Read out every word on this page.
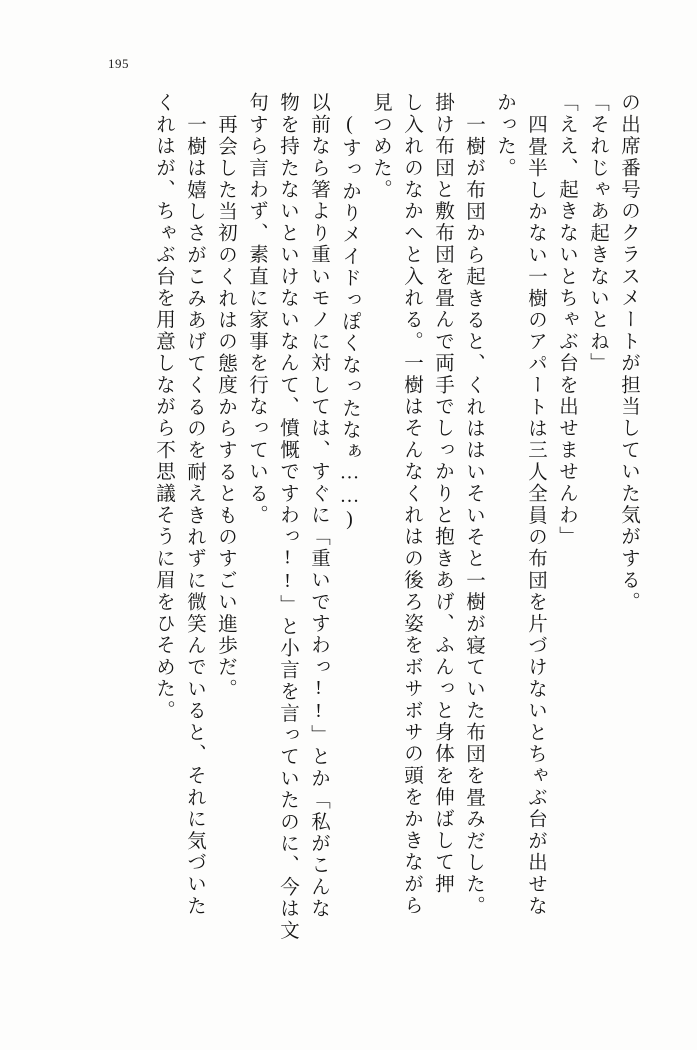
195
の出席番号のクラスメートが担当していた気がする。
「それじゃあ起きないとね」
「ええ、起きないとちゃぶ台を出せませんわ」
四畳半しかない一樹のアパートは三人全員の布団を片づけないとちゃぶ台が出せな
かった。
一樹が布団から起きると、くれははいそいそと一樹が寝ていた布団を畳みだした。
掛け布団と敷布団を畳んで両手でしっかりと抱きあげ、ふんっと身体を伸ばして押
し入れのなかへと入れる。一樹はそんなくれはの後ろ姿をボサボサの頭をかきながら
見つめた。
(すっかりメイドっぽくなったなぁ……)
以前なら箸より重いモノに対しては、すぐに「重いですわっ!!」とか「私がこんな
物を持たないといけないなんて、憤慨ですわっ!!」と小言を言っていたのに、今は文
句すら言わず、素直に家事を行なっている。
再会した当初のくれはの態度からするとものすごい進歩だ。
一樹は嬉しさがこみあげてくるのを耐えきれずに微笑んでいると、それに気づいた
くれはが、ちゃぶ台を用意しながら不思議そうに眉をひそめた。
